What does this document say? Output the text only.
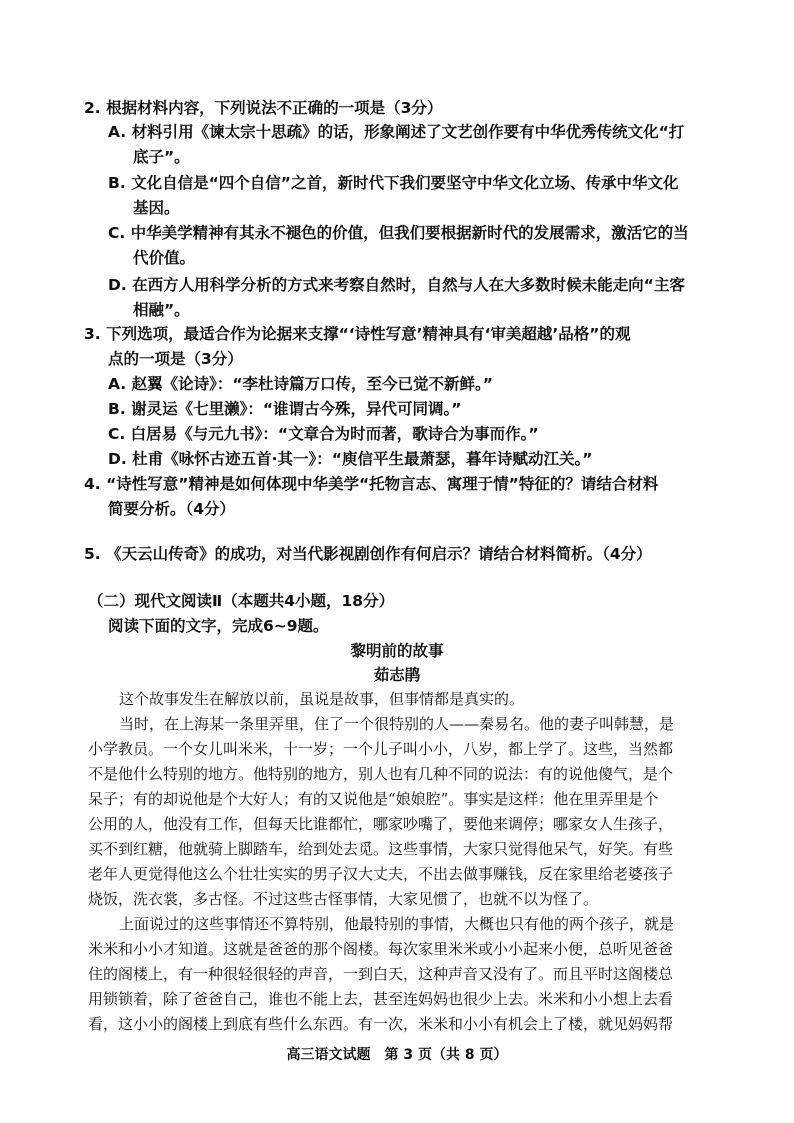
2. 根据材料内容，下列说法不正确的一项是（3分）
A. 材料引用《谏太宗十思疏》的话，形象阐述了文艺创作要有中华优秀传统文化“打
底子”。
B. 文化自信是“四个自信”之首，新时代下我们要坚守中华文化立场、传承中华文化
基因。
C. 中华美学精神有其永不褪色的价值，但我们要根据新时代的发展需求，激活它的当
代价值。
D. 在西方人用科学分析的方式来考察自然时，自然与人在大多数时候未能走向“主客
相融”。
3. 下列选项，最适合作为论据来支撑“‘诗性写意’精神具有‘审美超越’品格”的观
点的一项是（3分）
A. 赵翼《论诗》：“李杜诗篇万口传，至今已觉不新鲜。”
B. 谢灵运《七里濑》：“谁谓古今殊，异代可同调。”
C. 白居易《与元九书》：“文章合为时而著，歌诗合为事而作。”
D. 杜甫《咏怀古迹五首·其一》：“庾信平生最萧瑟，暮年诗赋动江关。”
4. “诗性写意”精神是如何体现中华美学“托物言志、寓理于情”特征的？请结合材料
简要分析。（4分）
5. 《天云山传奇》的成功，对当代影视剧创作有何启示？请结合材料简析。（4分）
（二）现代文阅读Ⅱ（本题共4小题，18分）
阅读下面的文字，完成6~9题。
黎明前的故事
茹志鹃
这个故事发生在解放以前，虽说是故事，但事情都是真实的。
当时，在上海某一条里弄里，住了一个很特别的人——秦易名。他的妻子叫韩慧，是
小学教员。一个女儿叫米米，十一岁；一个儿子叫小小，八岁，都上学了。这些，当然都
不是他什么特别的地方。他特别的地方，别人也有几种不同的说法：有的说他傻气，是个
呆子；有的却说他是个大好人；有的又说他是“娘娘腔”。事实是这样：他在里弄里是个
公用的人，他没有工作，但每天比谁都忙，哪家吵嘴了，要他来调停；哪家女人生孩子，
买不到红糖，他就骑上脚踏车，给到处去觅。这些事情，大家只觉得他呆气，好笑。有些
老年人更觉得他这么个壮壮实实的男子汉大丈夫，不出去做事赚钱，反在家里给老婆孩子
烧饭，洗衣裳，多古怪。不过这些古怪事情，大家见惯了，也就不以为怪了。
上面说过的这些事情还不算特别，他最特别的事情，大概也只有他的两个孩子，就是
米米和小小才知道。这就是爸爸的那个阁楼。每次家里米米或小小起来小便，总听见爸爸
住的阁楼上，有一种很轻很轻的声音，一到白天，这种声音又没有了。而且平时这阁楼总
用锁锁着，除了爸爸自己，谁也不能上去，甚至连妈妈也很少上去。米米和小小想上去看
看，这小小的阁楼上到底有些什么东西。有一次，米米和小小有机会上了楼，就见妈妈帮
高三语文试题　第 3 页（共 8 页）
